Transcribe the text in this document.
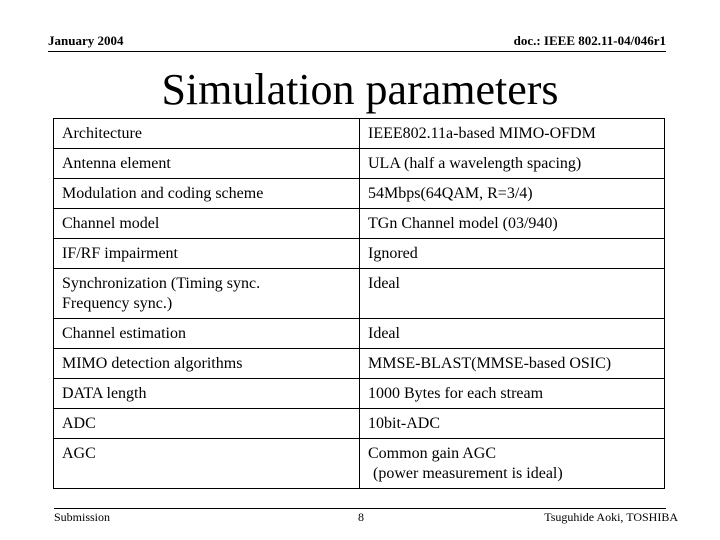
January 2004	doc.: IEEE 802.11-04/046r1
Simulation parameters
Architecture	IEEE802.11a-based MIMO-OFDM
Antenna element	ULA (half a wavelength spacing)
Modulation and coding scheme	54Mbps(64QAM, R=3/4)
Channel model	TGn Channel model (03/940)
IF/RF impairment	Ignored

Synchronization (Timing sync.
Frequency sync.)	Ideal
Channel estimation	Ideal
MIMO detection algorithms	MMSE-BLAST(MMSE-based OSIC)
DATA length	1000 Bytes for each stream
ADC	10bit-ADC
AGC	Common gain AGC
(power measurement is ideal)
Submission	8	Tsuguhide Aoki, TOSHIBA
